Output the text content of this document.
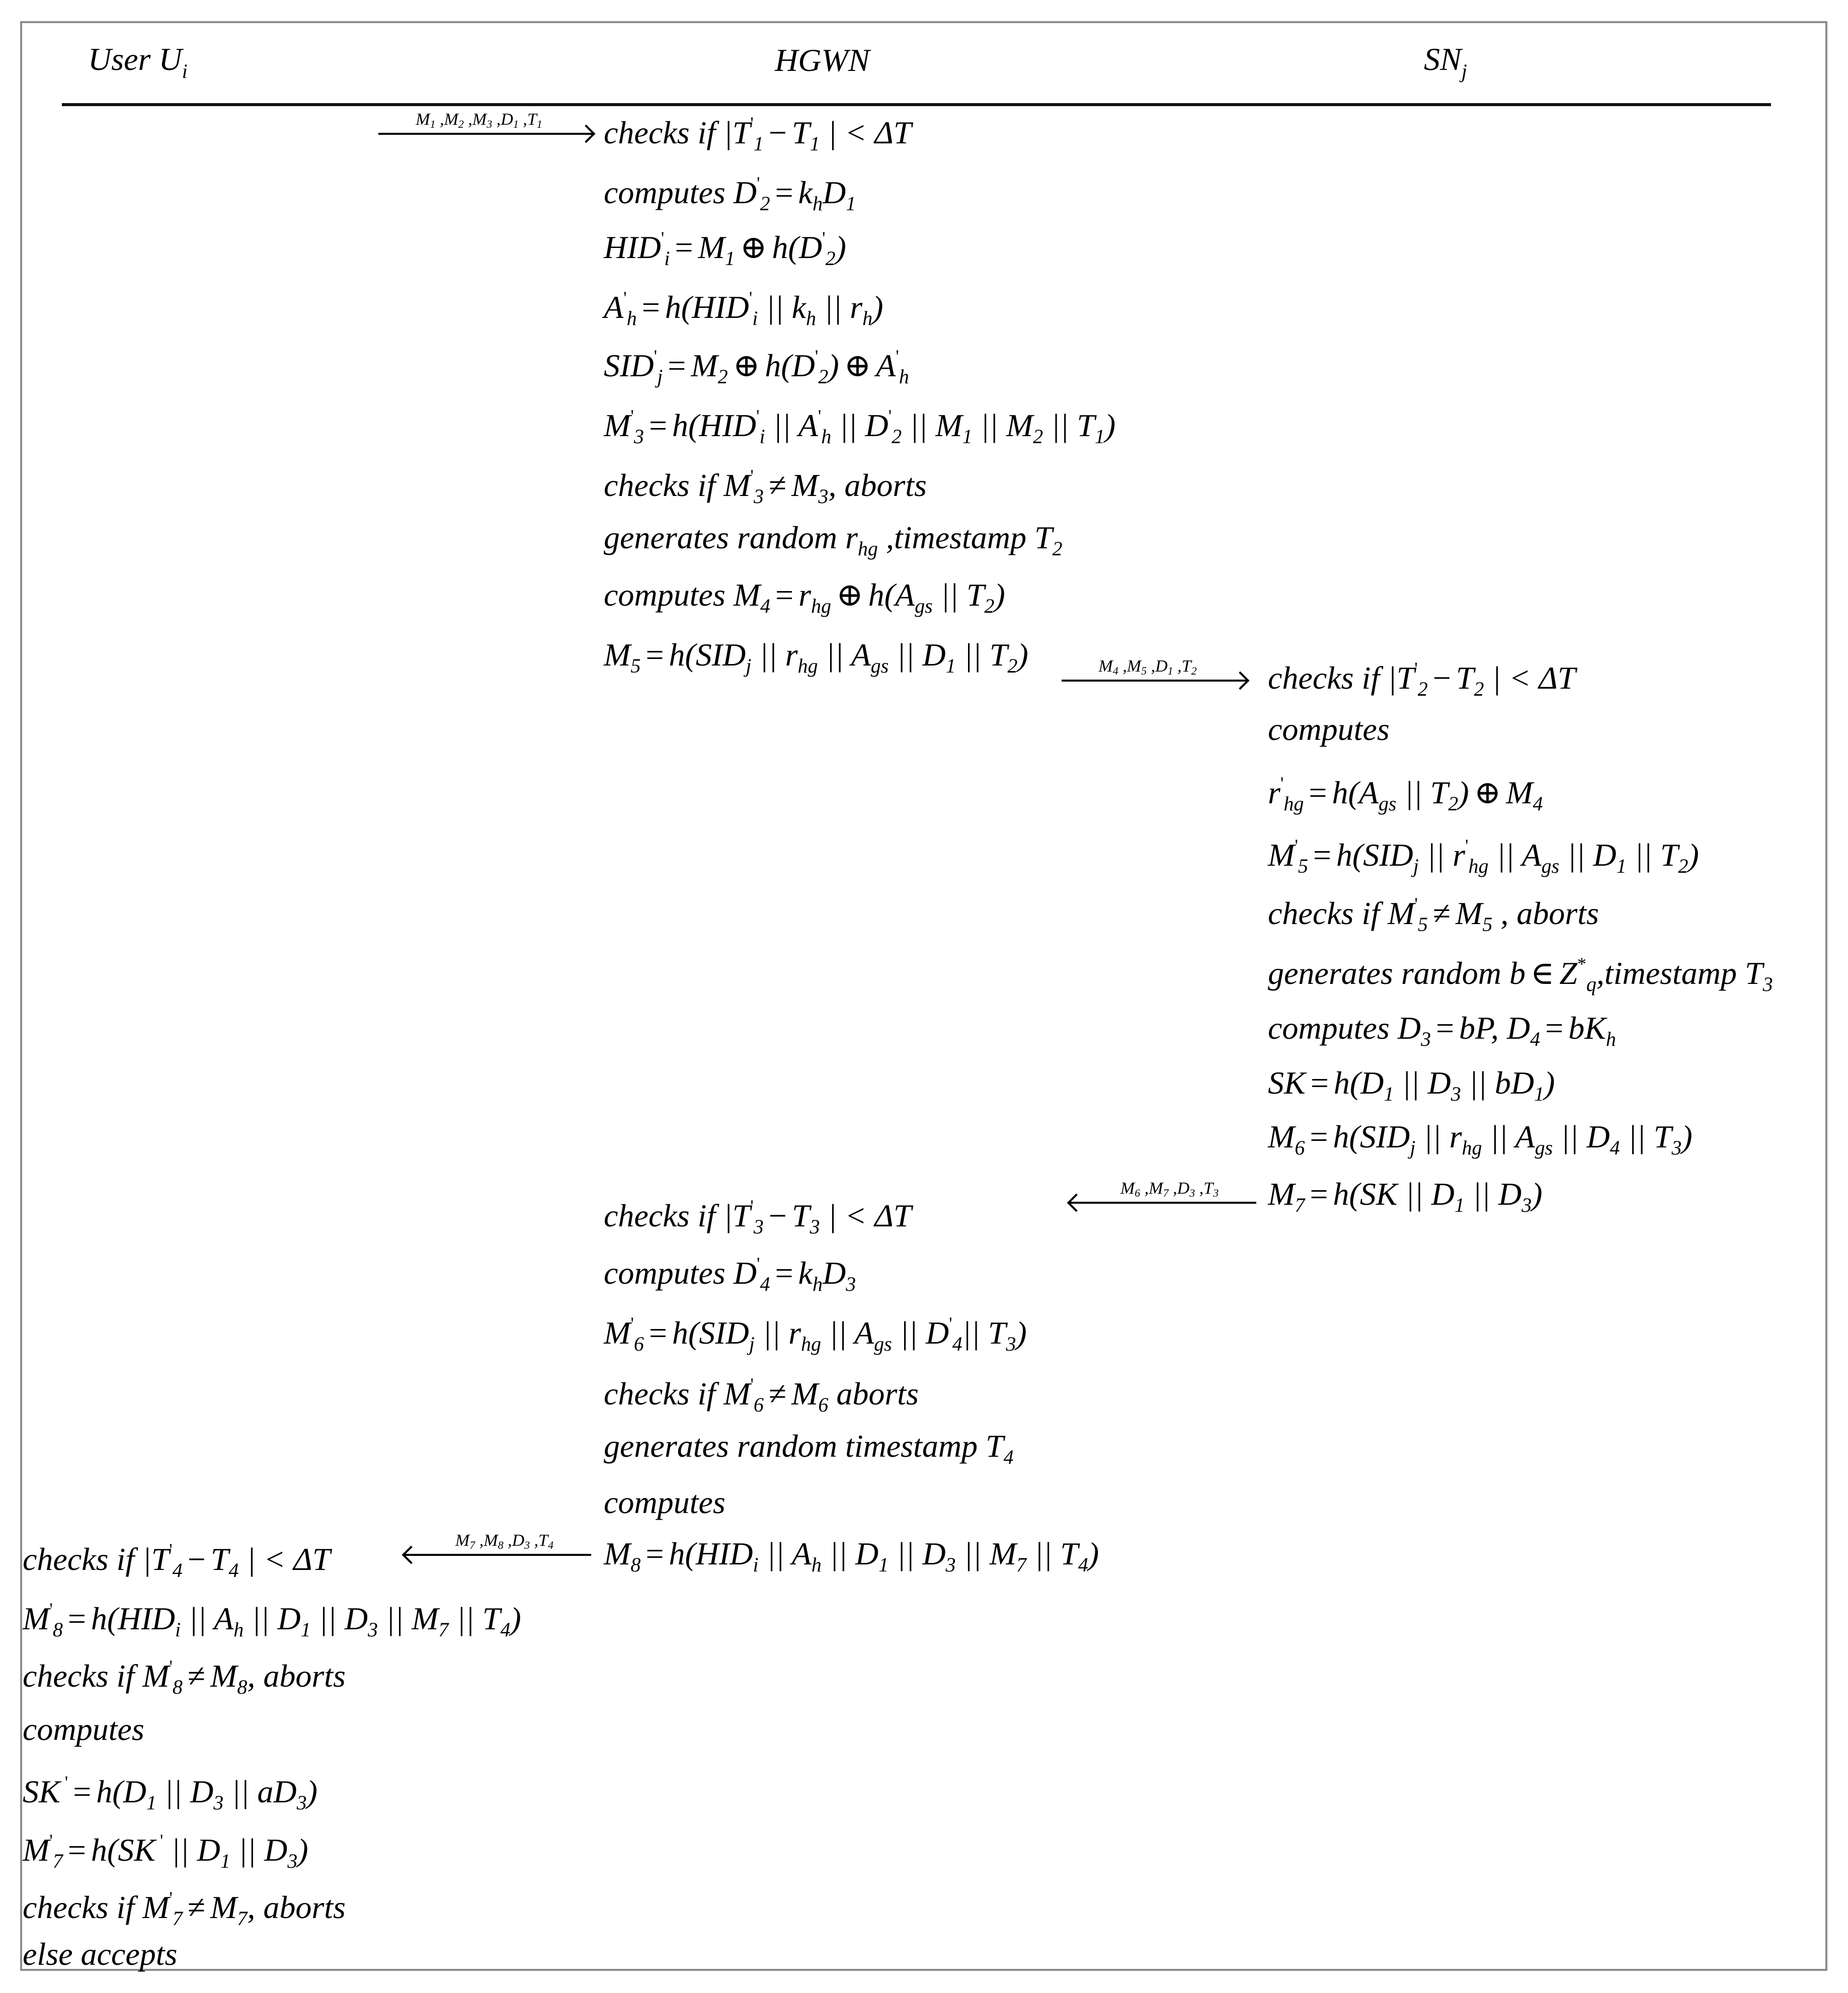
User $U_i$	HGWN	$SN_j$
$M_1$ $,M_2$ $,M_3$ $,D_1$ $,T_1$
$M_4$ $,M_5$ $,D_1$ $,T_2$
$M_6$ $,M_7$ $,D_3$ $,T_3$
$M_7$ $,M_8$ $,D_3$ $,T_4$
checks if $|T'_1 - T_1$ | < ΔT
computes $D'_2 = k_hD_1$
$HID'_i = M_1$ ⊕ $h(D'_2)$
$A'_h = h(HID'_i$ || $k_h$ || $r_h$)
$SID'_j = M_2$ ⊕ $h(D'_2)$ ⊕ $A'_h$
$M'_3 = h(HID'_i$ || $A'_h$ || $D'_2$ || $M_1$ || $M_2$ || $T_1$)
checks if $M'_3 \ne M_3$, aborts
generates random $r_{hg}$ ,timestamp $T_2$
computes $M_4 = r_{hg}$ ⊕ $h(A_{gs}$ || $T_2$)
$M_5 = h(SID_j$ || $r_{hg}$ || $A_{gs}$ || $D_1$ || $T_2$)
checks if $|T'_2 - T_2$ | < ΔT
computes
$r'_{hg} = h(A_{gs}$ || $T_2$) ⊕ $M_4$
$M'_5 = h(SID_j$ || $r'_{hg}$ || $A_{gs}$ || $D_1$ || $T_2$)
checks if $M'_5 \ne M_5$ , aborts
generates random b ∈ $Z^*_q,timestamp$ $T_3$
computes $D_3$ = bP, $D_4 = bK_h$
SK = $h(D_1$ || $D_3$ || $bD_1$)
$M_6 = h(SID_j$ || $r_{hg}$ || $A_{gs}$ || $D_4$ || $T_3$)
$M_7 = h(SK$ || $D_1$ || $D_3$)
checks if $|T'_3 - T_3$ | < ΔT
computes $D'_4 = k_hD_3$
$M'_6 = h(SID_j$ || $r_{hg}$ || $A_{gs}$ || $D'_4||$ $T_3$)
checks if $M'_6 \ne M_6$ aborts
generates random timestamp $T_4$
computes
$M_8 = h(HID_i$ || $A_h$ || $D_1$ || $D_3$ || $M_7$ || $T_4$)
checks if $|T'_4 - T_4$ | < ΔT
$M'_8 = h(HID_i$ || $A_h$ || $D_1$ || $D_3$ || $M_7$ || $T_4$)
checks if $M'_8 \ne M_8$, aborts
computes
SK $' = h(D_1$ || $D_3$ || $aD_3$)
$M'_7 = h(SK$ ' || $D_1$ || $D_3$)
checks if $M'_7 \ne M_7$, aborts
else accepts
